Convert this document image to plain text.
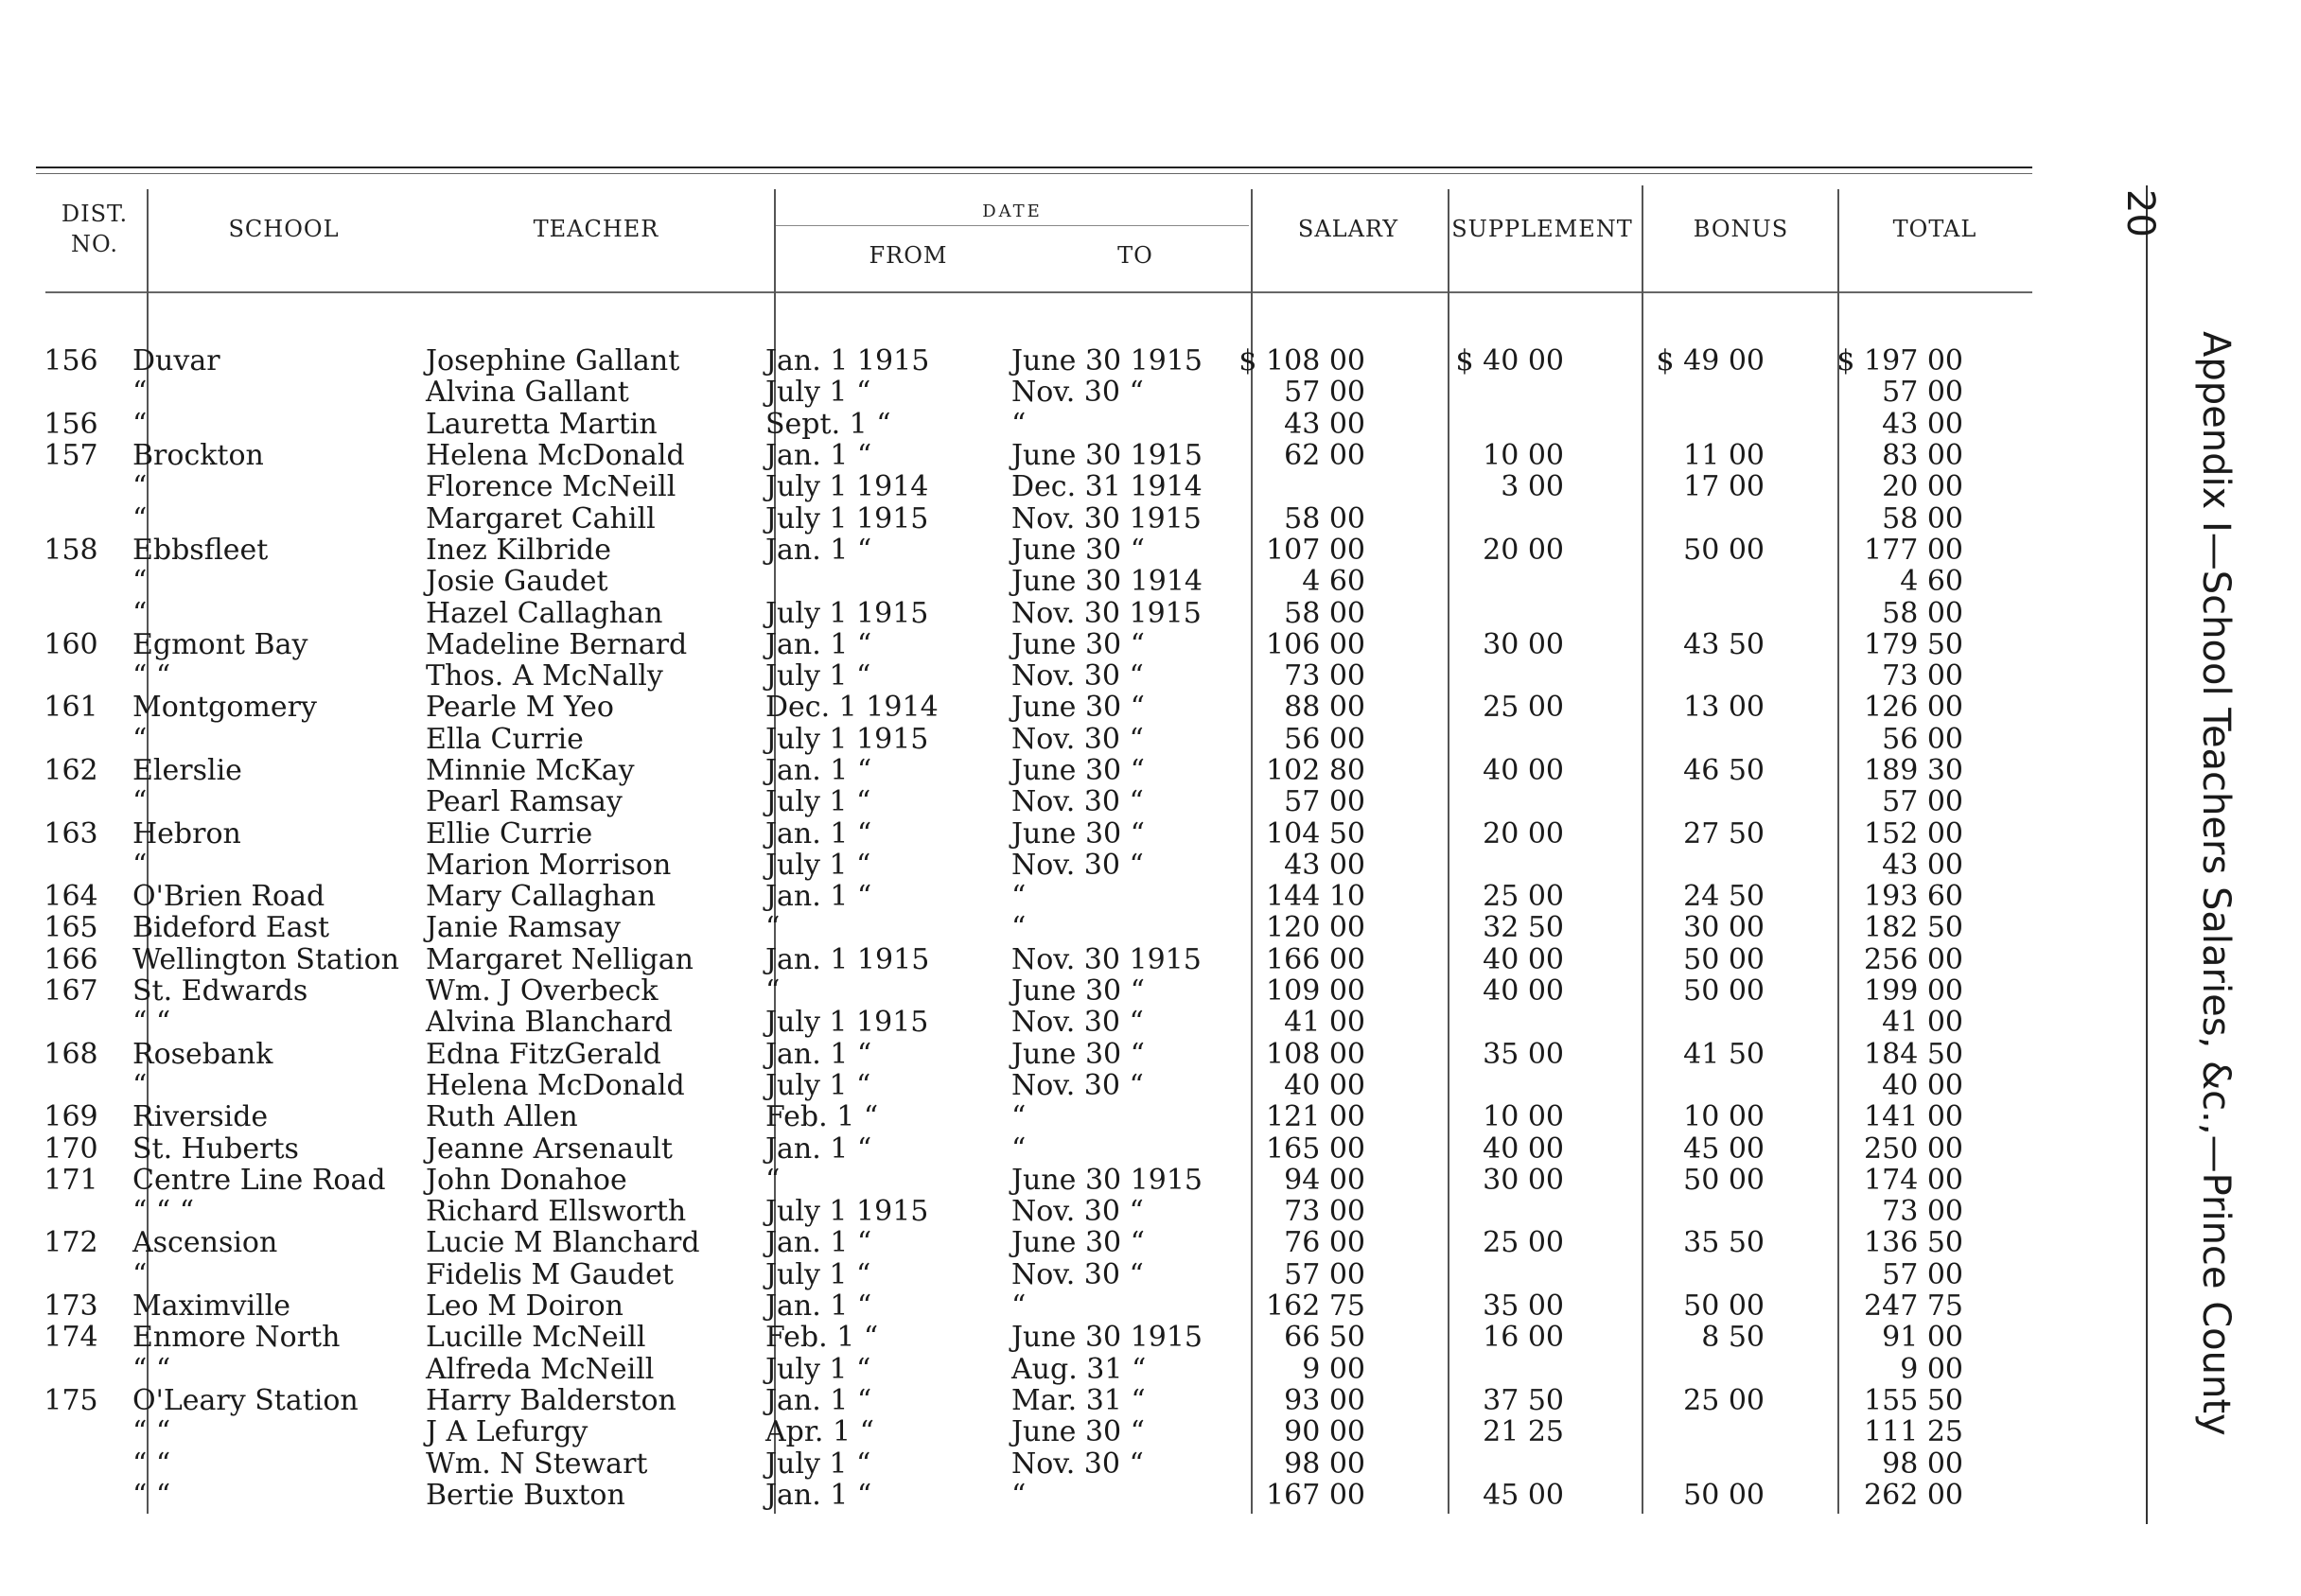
DIST. NO.
SCHOOL	TEACHER
DATE
FROM	TO
SALARY	SUPPLEMENT	BONUS	TOTAL
156	Duvar	Josephine Gallant	Jan. 1 1915	June 30 1915	$ 108 00	$ 40 00	$ 49 00	$ 197 00
	“	Alvina Gallant	July 1 “	Nov. 30 “	57 00			57 00
156	“	Lauretta Martin	Sept. 1 “	“	43 00			43 00
157	Brockton	Helena McDonald	Jan. 1 “	June 30 1915	62 00	10 00	11 00	83 00
	“	Florence McNeill	July 1 1914	Dec. 31 1914		3 00	17 00	20 00
	“	Margaret Cahill	July 1 1915	Nov. 30 1915	58 00			58 00
158	Ebbsfleet	Inez Kilbride	Jan. 1 “	June 30 “	107 00	20 00	50 00	177 00
	“	Josie Gaudet		June 30 1914	4 60			4 60
	“	Hazel Callaghan	July 1 1915	Nov. 30 1915	58 00			58 00
160	Egmont Bay	Madeline Bernard	Jan. 1 “	June 30 “	106 00	30 00	43 50	179 50
	“ “	Thos. A McNally	July 1 “	Nov. 30 “	73 00			73 00
161	Montgomery	Pearle M Yeo	Dec. 1 1914	June 30 “	88 00	25 00	13 00	126 00
	“	Ella Currie	July 1 1915	Nov. 30 “	56 00			56 00
162	Elerslie	Minnie McKay	Jan. 1 “	June 30 “	102 80	40 00	46 50	189 30
	“	Pearl Ramsay	July 1 “	Nov. 30 “	57 00			57 00
163	Hebron	Ellie Currie	Jan. 1 “	June 30 “	104 50	20 00	27 50	152 00
	“	Marion Morrison	July 1 “	Nov. 30 “	43 00			43 00
164	O'Brien Road	Mary Callaghan	Jan. 1 “	“	144 10	25 00	24 50	193 60
165	Bideford East	Janie Ramsay	“	“	120 00	32 50	30 00	182 50
166	Wellington Station	Margaret Nelligan	Jan. 1 1915	Nov. 30 1915	166 00	40 00	50 00	256 00
167	St. Edwards	Wm. J Overbeck	“	June 30 “	109 00	40 00	50 00	199 00
	“ “	Alvina Blanchard	July 1 1915	Nov. 30 “	41 00			41 00
168	Rosebank	Edna FitzGerald	Jan. 1 “	June 30 “	108 00	35 00	41 50	184 50
	“	Helena McDonald	July 1 “	Nov. 30 “	40 00			40 00
169	Riverside	Ruth Allen	Feb. 1 “	“	121 00	10 00	10 00	141 00
170	St. Huberts	Jeanne Arsenault	Jan. 1 “	“	165 00	40 00	45 00	250 00
171	Centre Line Road	John Donahoe	“	June 30 1915	94 00	30 00	50 00	174 00
	“ “ “	Richard Ellsworth	July 1 1915	Nov. 30 “	73 00			73 00
172	Ascension	Lucie M Blanchard	Jan. 1 “	June 30 “	76 00	25 00	35 50	136 50
	“	Fidelis M Gaudet	July 1 “	Nov. 30 “	57 00			57 00
173	Maximville	Leo M Doiron	Jan. 1 “	“	162 75	35 00	50 00	247 75
174	Enmore North	Lucille McNeill	Feb. 1 “	June 30 1915	66 50	16 00	8 50	91 00
	“ “	Alfreda McNeill	July 1 “	Aug. 31 “	9 00			9 00
175	O'Leary Station	Harry Balderston	Jan. 1 “	Mar. 31 “	93 00	37 50	25 00	155 50
	“ “	J A Lefurgy	Apr. 1 “	June 30 “	90 00	21 25		111 25
	“ “	Wm. N Stewart	July 1 “	Nov. 30 “	98 00			98 00
	“ “	Bertie Buxton	Jan. 1 “	“	167 00	45 00	50 00	262 00
20
Appendix I—School Teachers Salaries, &c.,—Prince County
